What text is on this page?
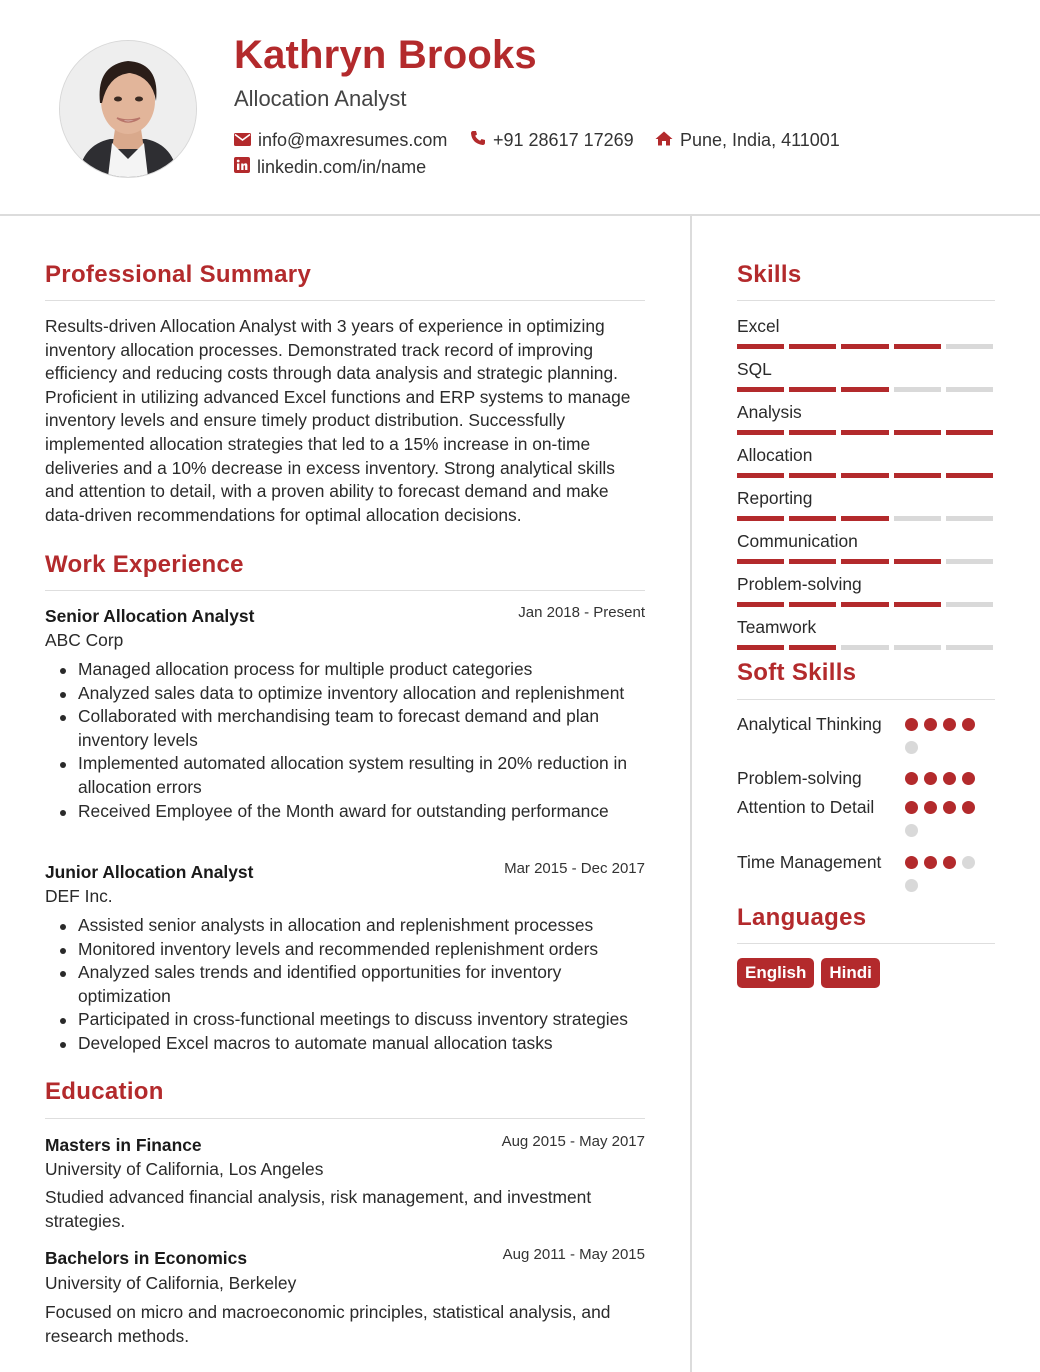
Kathryn Brooks
Allocation Analyst
info@maxresumes.com	+91 28617 17269	Pune, India, 411001
linkedin.com/in/name
Professional Summary
Results-driven Allocation Analyst with 3 years of experience in optimizing inventory allocation processes. Demonstrated track record of improving efficiency and reducing costs through data analysis and strategic planning. Proficient in utilizing advanced Excel functions and ERP systems to manage inventory levels and ensure timely product distribution. Successfully implemented allocation strategies that led to a 15% increase in on-time deliveries and a 10% decrease in excess inventory. Strong analytical skills and attention to detail, with a proven ability to forecast demand and make data-driven recommendations for optimal allocation decisions.
Work Experience
Senior Allocation Analyst	Jan 2018 - Present
ABC Corp
Managed allocation process for multiple product categories
Analyzed sales data to optimize inventory allocation and replenishment
Collaborated with merchandising team to forecast demand and plan inventory levels
Implemented automated allocation system resulting in 20% reduction in allocation errors
Received Employee of the Month award for outstanding performance
Junior Allocation Analyst	Mar 2015 - Dec 2017
DEF Inc.
Assisted senior analysts in allocation and replenishment processes
Monitored inventory levels and recommended replenishment orders
Analyzed sales trends and identified opportunities for inventory optimization
Participated in cross-functional meetings to discuss inventory strategies
Developed Excel macros to automate manual allocation tasks
Education
Masters in Finance	Aug 2015 - May 2017
University of California, Los Angeles
Studied advanced financial analysis, risk management, and investment strategies.
Bachelors in Economics	Aug 2011 - May 2015
University of California, Berkeley
Focused on micro and macroeconomic principles, statistical analysis, and research methods.
Skills
Excel
SQL
Analysis
Allocation
Reporting
Communication
Problem-solving
Teamwork
Soft Skills
Analytical Thinking
Problem-solving
Attention to Detail
Time Management
Languages
English	Hindi
